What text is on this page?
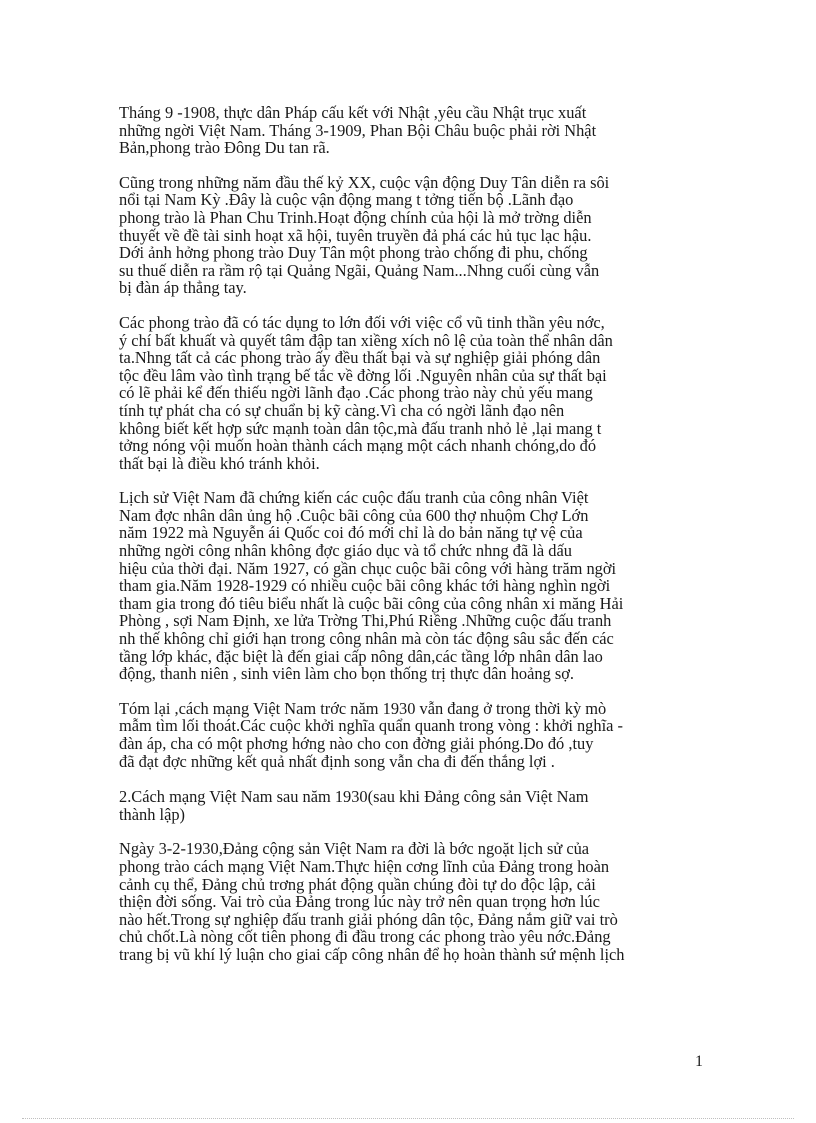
Tháng 9 -1908, thực dân Pháp cấu kết với Nhật ,yêu cầu Nhật trục xuất
những ngời Việt Nam. Tháng 3-1909, Phan Bội Châu buộc phải rời Nhật
Bản,phong trào Đông Du tan rã.
Cũng trong những năm đầu thế kỷ XX, cuộc vận động Duy Tân diễn ra sôi
nổi tại Nam Kỳ .Đây là cuộc vận động mang t tởng tiến bộ .Lãnh đạo
phong trào là Phan Chu Trinh.Hoạt động chính của hội là mở trờng diễn
thuyết về đề tài sinh hoạt xã hội, tuyên truyền đả phá các hủ tục lạc hậu.
Dới ảnh hởng phong trào Duy Tân một phong trào chống đi phu, chống
su thuế diễn ra rầm rộ tại Quảng Ngãi, Quảng Nam...Nhng cuối cùng vẫn
bị đàn áp thẳng tay.
Các phong trào đã có tác dụng to lớn đối với việc cổ vũ tinh thần yêu nớc,
ý chí bất khuất và quyết tâm đập tan xiềng xích nô lệ của toàn thể nhân dân
ta.Nhng tất cả các phong trào ấy đều thất bại và sự nghiệp giải phóng dân
tộc đều lâm vào tình trạng bế tắc về đờng lối .Nguyên nhân của sự thất bại
có lẽ phải kể đến thiếu ngời lãnh đạo .Các phong trào này chủ yếu mang
tính tự phát cha có sự chuẩn bị kỹ càng.Vì cha có ngời lãnh đạo nên
không biết kết hợp sức mạnh toàn dân tộc,mà đấu tranh nhỏ lẻ ,lại mang t
tởng nóng vội muốn hoàn thành cách mạng một cách nhanh chóng,do đó
thất bại là điều khó tránh khỏi.
Lịch sử Việt Nam đã chứng kiến các cuộc đấu tranh của công nhân Việt
Nam đợc nhân dân ủng hộ .Cuộc bãi công của 600 thợ nhuộm Chợ Lớn
năm 1922 mà Nguyễn ái Quốc coi đó mới chỉ là do bản năng tự vệ của
những ngời công nhân không đợc giáo dục và tổ chức nhng đã là dấu
hiệu của thời đại. Năm 1927, có gần chục cuộc bãi công với hàng trăm ngời
tham gia.Năm 1928-1929 có nhiều cuộc bãi công khác tới hàng nghìn ngời
tham gia trong đó tiêu biểu nhất là cuộc bãi công của công nhân xi măng Hải
Phòng , sợi Nam Định, xe lửa Trờng Thi,Phú Riềng .Những cuộc đấu tranh
nh thế không chỉ giới hạn trong công nhân mà còn tác động sâu sắc đến các
tầng lớp khác, đặc biệt là đến giai cấp nông dân,các tầng lớp nhân dân lao
động, thanh niên , sinh viên làm cho bọn thống trị thực dân hoảng sợ.
Tóm lại ,cách mạng Việt Nam trớc năm 1930 vẫn đang ở trong thời kỳ mò
mẫm tìm lối thoát.Các cuộc khởi nghĩa quẩn quanh trong vòng : khởi nghĩa -
đàn áp, cha có một phơng hớng nào cho con đờng giải phóng.Do đó ,tuy
đã đạt đợc những kết quả nhất định song vẫn cha đi đến thắng lợi .
2.Cách mạng Việt Nam sau năm 1930(sau khi Đảng công sản Việt Nam
thành lập)
Ngày 3-2-1930,Đảng cộng sản Việt Nam ra đời là bớc ngoặt lịch sử của
phong trào cách mạng Việt Nam.Thực hiện cơng lĩnh của Đảng trong hoàn
cảnh cụ thể, Đảng chủ trơng phát động quần chúng đòi tự do độc lập, cải
thiện đời sống. Vai trò của Đảng trong lúc này trở nên quan trọng hơn lúc
nào hết.Trong sự nghiệp đấu tranh giải phóng dân tộc, Đảng nắm giữ vai trò
chủ chốt.Là nòng cốt tiên phong đi đầu trong các phong trào yêu nớc.Đảng
trang bị vũ khí lý luận cho giai cấp công nhân để họ hoàn thành sứ mệnh lịch
1
